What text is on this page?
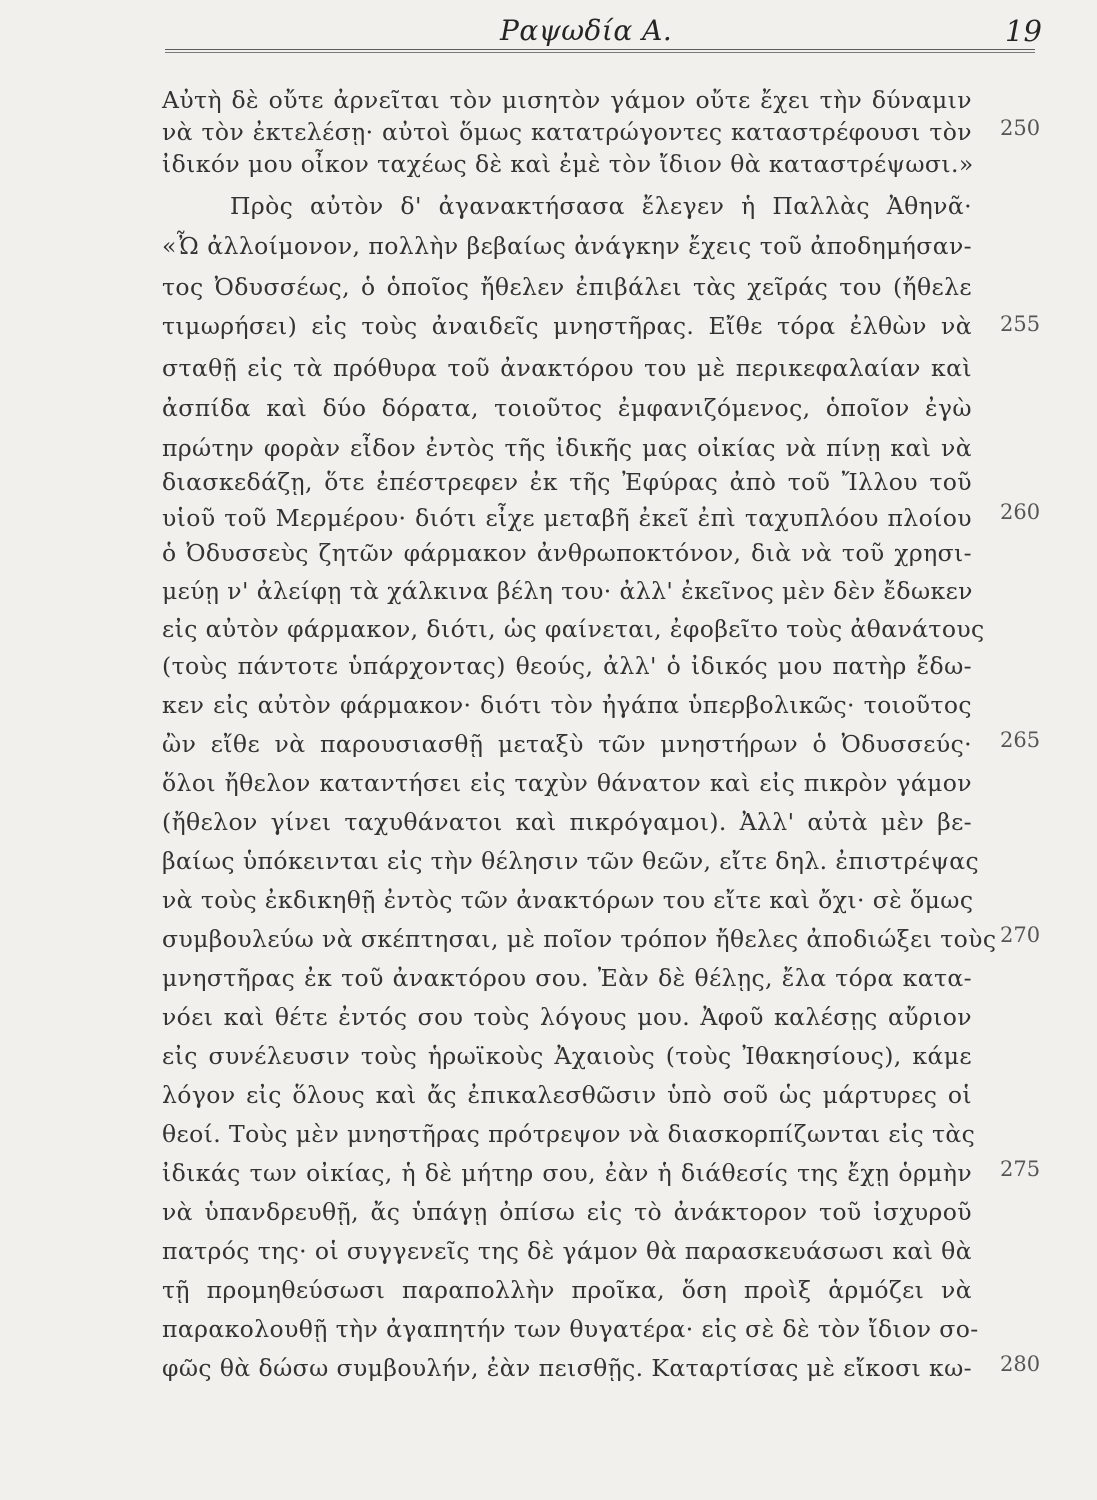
Ραψωδία Α.	19
Αὐτὴ δὲ οὔτε ἀρνεῖται τὸν μισητὸν γάμον οὔτε ἔχει τὴν δύναμιν
νὰ τὸν ἐκτελέσῃ· αὐτοὶ ὅμως κατατρώγοντες καταστρέφουσι τὸν
ἰδικόν μου οἶκον ταχέως δὲ καὶ ἐμὲ τὸν ἴδιον θὰ καταστρέψωσι.»
Πρὸς αὐτὸν δ' ἀγανακτήσασα ἔλεγεν ἡ Παλλὰς Ἀθηνᾶ·
«Ὦ ἀλλοίμονον, πολλὴν βεβαίως ἀνάγκην ἔχεις τοῦ ἀποδημήσαν-
τος Ὀδυσσέως, ὁ ὁποῖος ἤθελεν ἐπιβάλει τὰς χεῖράς του (ἤθελε
τιμωρήσει) εἰς τοὺς ἀναιδεῖς μνηστῆρας. Εἴθε τόρα ἐλθὼν νὰ
σταθῇ εἰς τὰ πρόθυρα τοῦ ἀνακτόρου του μὲ περικεφαλαίαν καὶ
ἀσπίδα καὶ δύο δόρατα, τοιοῦτος ἐμφανιζόμενος, ὁποῖον ἐγὼ
πρώτην φορὰν εἶδον ἐντὸς τῆς ἰδικῆς μας οἰκίας νὰ πίνῃ καὶ νὰ
διασκεδάζῃ, ὅτε ἐπέστρεφεν ἐκ τῆς Ἐφύρας ἀπὸ τοῦ Ἴλλου τοῦ
υἱοῦ τοῦ Μερμέρου· διότι εἶχε μεταβῆ ἐκεῖ ἐπὶ ταχυπλόου πλοίου
ὁ Ὀδυσσεὺς ζητῶν φάρμακον ἀνθρωποκτόνον, διὰ νὰ τοῦ χρησι-
μεύῃ ν' ἀλείφῃ τὰ χάλκινα βέλη του· ἀλλ' ἐκεῖνος μὲν δὲν ἔδωκεν
εἰς αὐτὸν φάρμακον, διότι, ὡς φαίνεται, ἐφοβεῖτο τοὺς ἀθανάτους
(τοὺς πάντοτε ὑπάρχοντας) θεούς, ἀλλ' ὁ ἰδικός μου πατὴρ ἔδω-
κεν εἰς αὐτὸν φάρμακον· διότι τὸν ἠγάπα ὑπερβολικῶς· τοιοῦτος
ὢν εἴθε νὰ παρουσιασθῇ μεταξὺ τῶν μνηστήρων ὁ Ὀδυσσεύς·
ὅλοι ἤθελον καταντήσει εἰς ταχὺν θάνατον καὶ εἰς πικρὸν γάμον
(ἤθελον γίνει ταχυθάνατοι καὶ πικρόγαμοι). Ἀλλ' αὐτὰ μὲν βε-
βαίως ὑπόκεινται εἰς τὴν θέλησιν τῶν θεῶν, εἴτε δηλ. ἐπιστρέψας
νὰ τοὺς ἐκδικηθῇ ἐντὸς τῶν ἀνακτόρων του εἴτε καὶ ὄχι· σὲ ὅμως
συμβουλεύω νὰ σκέπτησαι, μὲ ποῖον τρόπον ἤθελες ἀποδιώξει τοὺς
μνηστῆρας ἐκ τοῦ ἀνακτόρου σου. Ἐὰν δὲ θέλῃς, ἔλα τόρα κατα-
νόει καὶ θέτε ἐντός σου τοὺς λόγους μου. Ἀφοῦ καλέσῃς αὔριον
εἰς συνέλευσιν τοὺς ἡρωϊκοὺς Ἀχαιοὺς (τοὺς Ἰθακησίους), κάμε
λόγον εἰς ὅλους καὶ ἄς ἐπικαλεσθῶσιν ὑπὸ σοῦ ὡς μάρτυρες οἱ
θεοί. Τοὺς μὲν μνηστῆρας πρότρεψον νὰ διασκορπίζωνται εἰς τὰς
ἰδικάς των οἰκίας, ἡ δὲ μήτηρ σου, ἐὰν ἡ διάθεσίς της ἔχῃ ὁρμὴν
νὰ ὑπανδρευθῇ, ἄς ὑπάγῃ ὀπίσω εἰς τὸ ἀνάκτορον τοῦ ἰσχυροῦ
πατρός της· οἱ συγγενεῖς της δὲ γάμον θὰ παρασκευάσωσι καὶ θὰ
τῇ προμηθεύσωσι παραπολλὴν προῖκα, ὅση προὶξ ἁρμόζει νὰ
παρακολουθῇ τὴν ἀγαπητήν των θυγατέρα· εἰς σὲ δὲ τὸν ἴδιον σο-
φῶς θὰ δώσω συμβουλήν, ἐὰν πεισθῇς. Καταρτίσας μὲ εἴκοσι κω-
250
255
260
265
270
275
280
